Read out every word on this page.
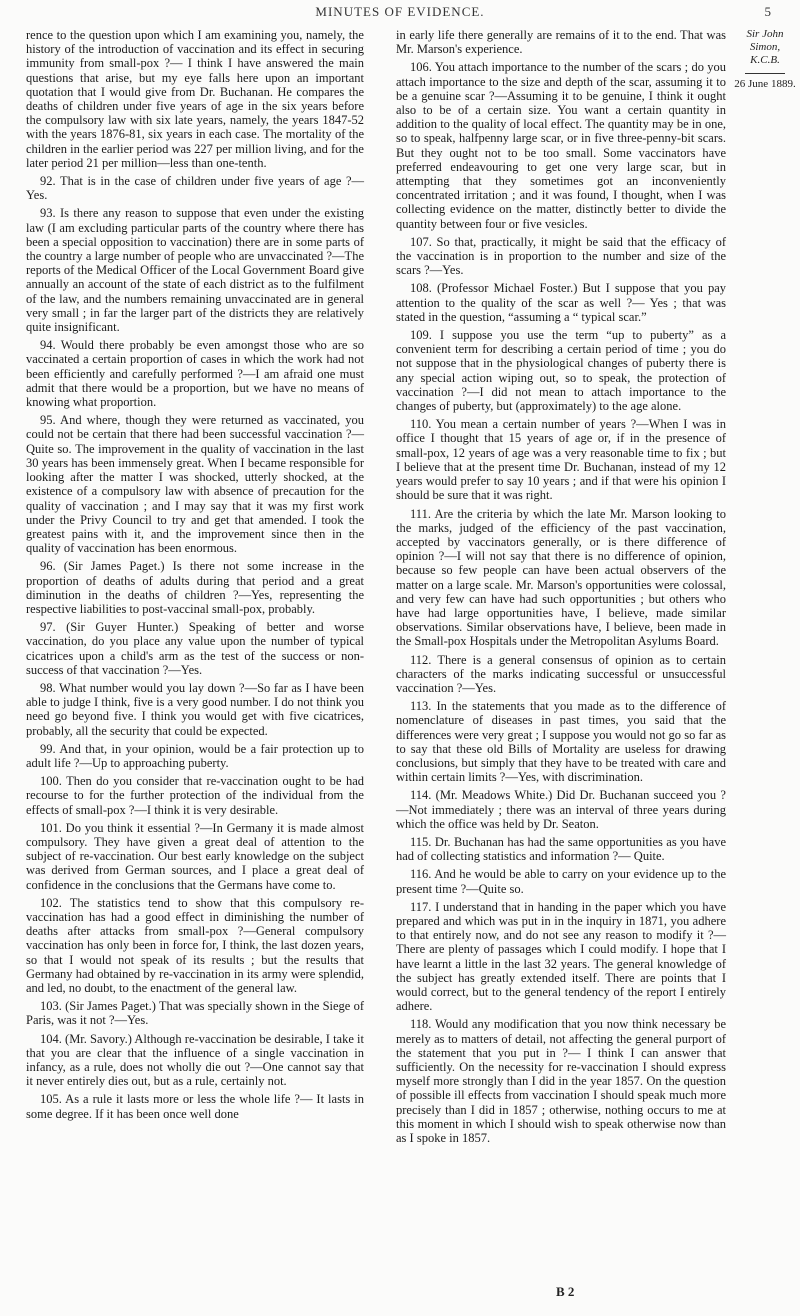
MINUTES OF EVIDENCE.	5

rence to the question upon which I am examining you, namely, the history of the introduction of vaccination and its effect in securing immunity from small-pox ?— I think I have answered the main questions that arise, but my eye falls here upon an important quotation that I would give from Dr. Buchanan. He compares the deaths of children under five years of age in the six years before the compulsory law with six late years, namely, the years 1847-52 with the years 1876-81, six years in each case. The mortality of the children in the earlier period was 227 per million living, and for the later period 21 per million—less than one-tenth.

92. That is in the case of children under five years of age ?—Yes.

93. Is there any reason to suppose that even under the existing law (I am excluding particular parts of the country where there has been a special opposition to vaccination) there are in some parts of the country a large number of people who are unvaccinated ?—The reports of the Medical Officer of the Local Government Board give annually an account of the state of each district as to the fulfilment of the law, and the numbers remaining unvaccinated are in general very small ; in far the larger part of the districts they are relatively quite insignificant.

94. Would there probably be even amongst those who are so vaccinated a certain proportion of cases in which the work had not been efficiently and carefully performed ?—I am afraid one must admit that there would be a proportion, but we have no means of knowing what proportion.

95. And where, though they were returned as vaccinated, you could not be certain that there had been successful vaccination ?—Quite so. The improvement in the quality of vaccination in the last 30 years has been immensely great. When I became responsible for looking after the matter I was shocked, utterly shocked, at the existence of a compulsory law with absence of precaution for the quality of vaccination ; and I may say that it was my first work under the Privy Council to try and get that amended. I took the greatest pains with it, and the improvement since then in the quality of vaccination has been enormous.

96. (Sir James Paget.) Is there not some increase in the proportion of deaths of adults during that period and a great diminution in the deaths of children ?—Yes, representing the respective liabilities to post-vaccinal small-pox, probably.

97. (Sir Guyer Hunter.) Speaking of better and worse vaccination, do you place any value upon the number of typical cicatrices upon a child's arm as the test of the success or non-success of that vaccination ?—Yes.

98. What number would you lay down ?—So far as I have been able to judge I think, five is a very good number. I do not think you need go beyond five. I think you would get with five cicatrices, probably, all the security that could be expected.

99. And that, in your opinion, would be a fair protection up to adult life ?—Up to approaching puberty.

100. Then do you consider that re-vaccination ought to be had recourse to for the further protection of the individual from the effects of small-pox ?—I think it is very desirable.

101. Do you think it essential ?—In Germany it is made almost compulsory. They have given a great deal of attention to the subject of re-vaccination. Our best early knowledge on the subject was derived from German sources, and I place a great deal of confidence in the conclusions that the Germans have come to.

102. The statistics tend to show that this compulsory re-vaccination has had a good effect in diminishing the number of deaths after attacks from small-pox ?—General compulsory vaccination has only been in force for, I think, the last dozen years, so that I would not speak of its results ; but the results that Germany had obtained by re-vaccination in its army were splendid, and led, no doubt, to the enactment of the general law.

103. (Sir James Paget.) That was specially shown in the Siege of Paris, was it not ?—Yes.

104. (Mr. Savory.) Although re-vaccination be desirable, I take it that you are clear that the influence of a single vaccination in infancy, as a rule, does not wholly die out ?—One cannot say that it never entirely dies out, but as a rule, certainly not.

105. As a rule it lasts more or less the whole life ?— It lasts in some degree. If it has been once well done

in early life there generally are remains of it to the end. That was Mr. Marson's experience.

106. You attach importance to the number of the scars ; do you attach importance to the size and depth of the scar, assuming it to be a genuine scar ?—Assuming it to be genuine, I think it ought also to be of a certain size. You want a certain quantity in addition to the quality of local effect. The quantity may be in one, so to speak, halfpenny large scar, or in five three-penny-bit scars. But they ought not to be too small. Some vaccinators have preferred endeavouring to get one very large scar, but in attempting that they sometimes got an inconveniently concentrated irritation ; and it was found, I thought, when I was collecting evidence on the matter, distinctly better to divide the quantity between four or five vesicles.

107. So that, practically, it might be said that the efficacy of the vaccination is in proportion to the number and size of the scars ?—Yes.

108. (Professor Michael Foster.) But I suppose that you pay attention to the quality of the scar as well ?— Yes ; that was stated in the question, “assuming a “ typical scar.”

109. I suppose you use the term “up to puberty” as a convenient term for describing a certain period of time ; you do not suppose that in the physiological changes of puberty there is any special action wiping out, so to speak, the protection of vaccination ?—I did not mean to attach importance to the changes of puberty, but (approximately) to the age alone.

110. You mean a certain number of years ?—When I was in office I thought that 15 years of age or, if in the presence of small-pox, 12 years of age was a very reasonable time to fix ; but I believe that at the present time Dr. Buchanan, instead of my 12 years would prefer to say 10 years ; and if that were his opinion I should be sure that it was right.

111. Are the criteria by which the late Mr. Marson looking to the marks, judged of the efficiency of the past vaccination, accepted by vaccinators generally, or is there difference of opinion ?—I will not say that there is no difference of opinion, because so few people can have been actual observers of the matter on a large scale. Mr. Marson's opportunities were colossal, and very few can have had such opportunities ; but others who have had large opportunities have, I believe, made similar observations. Similar observations have, I believe, been made in the Small-pox Hospitals under the Metropolitan Asylums Board.

112. There is a general consensus of opinion as to certain characters of the marks indicating successful or unsuccessful vaccination ?—Yes.

113. In the statements that you made as to the difference of nomenclature of diseases in past times, you said that the differences were very great ; I suppose you would not go so far as to say that these old Bills of Mortality are useless for drawing conclusions, but simply that they have to be treated with care and within certain limits ?—Yes, with discrimination.

114. (Mr. Meadows White.) Did Dr. Buchanan succeed you ?—Not immediately ; there was an interval of three years during which the office was held by Dr. Seaton.

115. Dr. Buchanan has had the same opportunities as you have had of collecting statistics and information ?— Quite.

116. And he would be able to carry on your evidence up to the present time ?—Quite so.

117. I understand that in handing in the paper which you have prepared and which was put in in the inquiry in 1871, you adhere to that entirely now, and do not see any reason to modify it ?—There are plenty of passages which I could modify. I hope that I have learnt a little in the last 32 years. The general knowledge of the subject has greatly extended itself. There are points that I would correct, but to the general tendency of the report I entirely adhere.

118. Would any modification that you now think necessary be merely as to matters of detail, not affecting the general purport of the statement that you put in ?— I think I can answer that sufficiently. On the necessity for re-vaccination I should express myself more strongly than I did in the year 1857. On the question of possible ill effects from vaccination I should speak much more precisely than I did in 1857 ; otherwise, nothing occurs to me at this moment in which I should wish to speak otherwise now than as I spoke in 1857.

Sir John Simon, K.C.B.
26 June 1889.
B 2
